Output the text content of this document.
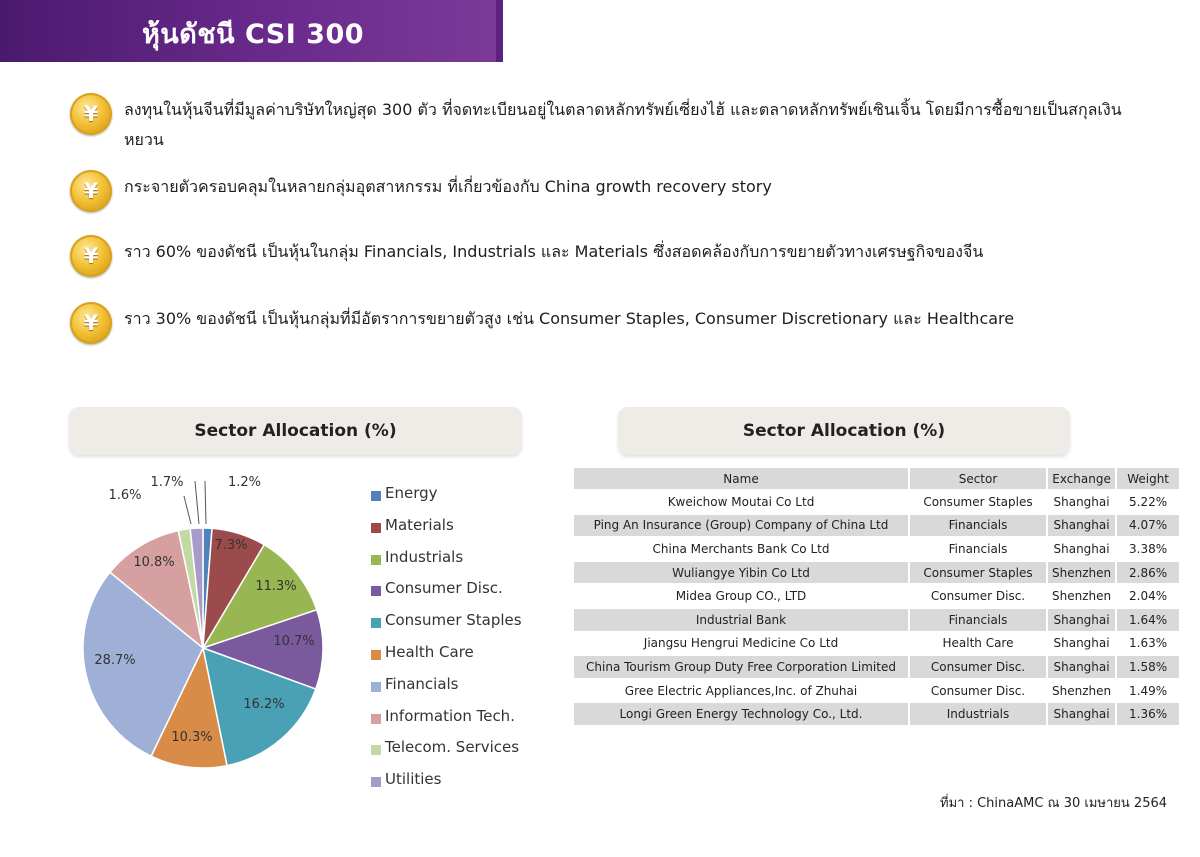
หุ้นดัชนี CSI 300
¥	ลงทุนในหุ้นจีนที่มีมูลค่าบริษัทใหญ่สุด 300 ตัว ที่จดทะเบียนอยู่ในตลาดหลักทรัพย์เซี่ยงไฮ้ และตลาดหลักทรัพย์เซินเจิ้น โดยมีการซื้อขายเป็นสกุลเงินหยวน
¥	กระจายตัวครอบคลุมในหลายกลุ่มอุตสาหกรรม ที่เกี่ยวข้องกับ China growth recovery story
¥	ราว 60% ของดัชนี เป็นหุ้นในกลุ่ม Financials, Industrials และ Materials ซึ่งสอดคล้องกับการขยายตัวทางเศรษฐกิจของจีน
¥	ราว 30% ของดัชนี เป็นหุ้นกลุ่มที่มีอัตราการขยายตัวสูง เช่น Consumer Staples, Consumer Discretionary และ Healthcare
Sector Allocation (%)	Sector Allocation (%)
1.2%
7.3%
11.3%
10.7%
16.2%
10.3%
28.7%
10.8%
1.6%
1.7%
Energy
Materials
Industrials
Consumer Disc.
Consumer Staples
Health Care
Financials
Information Tech.
Telecom. Services
Utilities
Name	Sector	Exchange	Weight
Kweichow Moutai Co Ltd	Consumer Staples	Shanghai	5.22%
Ping An Insurance (Group) Company of China Ltd	Financials	Shanghai	4.07%
China Merchants Bank Co Ltd	Financials	Shanghai	3.38%
Wuliangye Yibin Co Ltd	Consumer Staples	Shenzhen	2.86%
Midea Group CO., LTD	Consumer Disc.	Shenzhen	2.04%
Industrial Bank	Financials	Shanghai	1.64%
Jiangsu Hengrui Medicine Co Ltd	Health Care	Shanghai	1.63%
China Tourism Group Duty Free Corporation Limited	Consumer Disc.	Shanghai	1.58%
Gree Electric Appliances,Inc. of Zhuhai	Consumer Disc.	Shenzhen	1.49%
Longi Green Energy Technology Co., Ltd.	Industrials	Shanghai	1.36%
ที่มา : ChinaAMC ณ 30 เมษายน 2564
